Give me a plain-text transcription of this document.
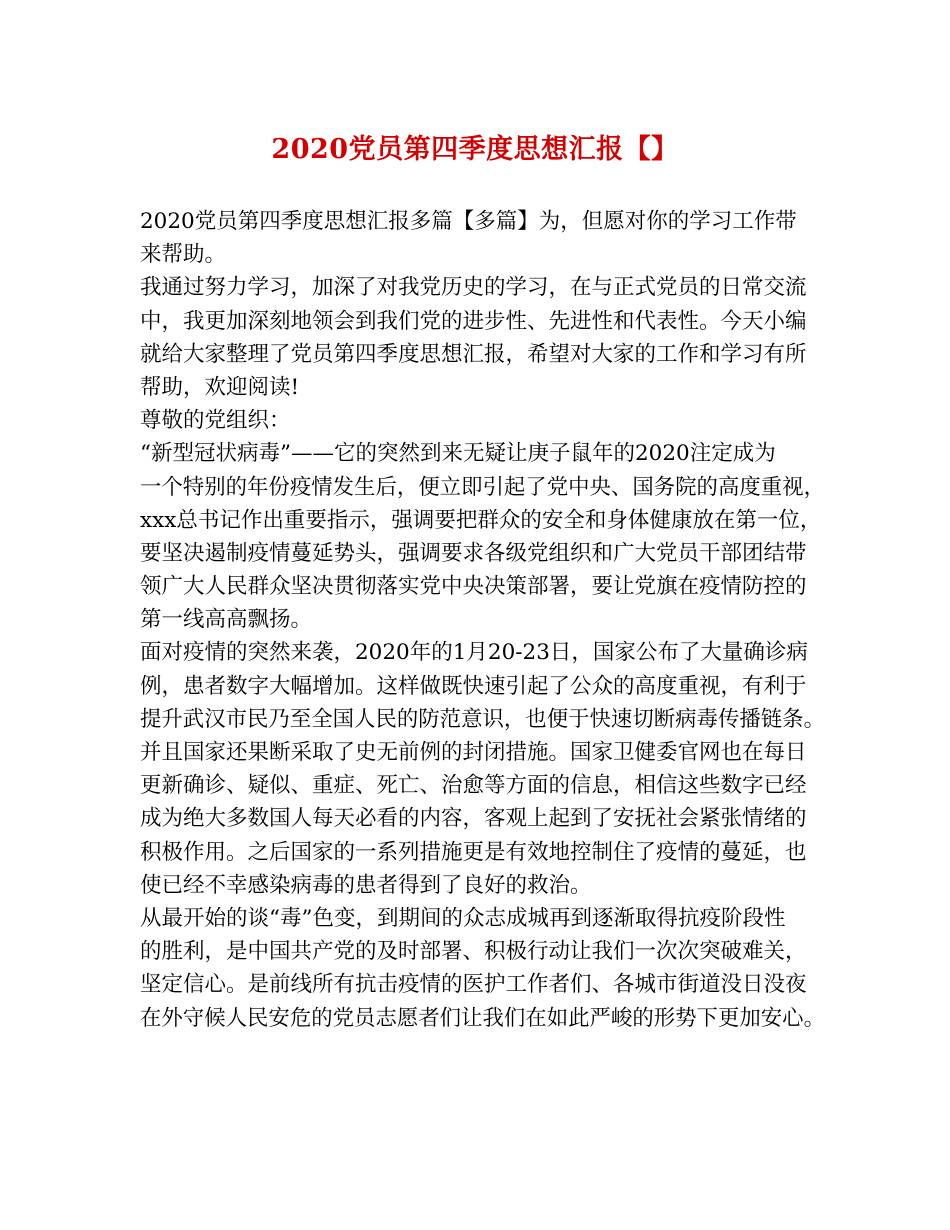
2020党员第四季度思想汇报【】

2020党员第四季度思想汇报多篇【多篇】为，但愿对你的学习工作带
来帮助。

我通过努力学习，加深了对我党历史的学习，在与正式党员的日常交流
中，我更加深刻地领会到我们党的进步性、先进性和代表性。今天小编
就给大家整理了党员第四季度思想汇报，希望对大家的工作和学习有所
帮助，欢迎阅读!

尊敬的党组织：

“新型冠状病毒”——它的突然到来无疑让庚子鼠年的2020注定成为
一个特别的年份疫情发生后，便立即引起了党中央、国务院的高度重视，
xxx总书记作出重要指示，强调要把群众的安全和身体健康放在第一位，
要坚决遏制疫情蔓延势头，强调要求各级党组织和广大党员干部团结带
领广大人民群众坚决贯彻落实党中央决策部署，要让党旗在疫情防控的
第一线高高飘扬。

面对疫情的突然来袭，2020年的1月20-23日，国家公布了大量确诊病
例，患者数字大幅增加。这样做既快速引起了公众的高度重视，有利于
提升武汉市民乃至全国人民的防范意识，也便于快速切断病毒传播链条。
并且国家还果断采取了史无前例的封闭措施。国家卫健委官网也在每日
更新确诊、疑似、重症、死亡、治愈等方面的信息，相信这些数字已经
成为绝大多数国人每天必看的内容，客观上起到了安抚社会紧张情绪的
积极作用。之后国家的一系列措施更是有效地控制住了疫情的蔓延，也
使已经不幸感染病毒的患者得到了良好的救治。

从最开始的谈“毒”色变，到期间的众志成城再到逐渐取得抗疫阶段性
的胜利，是中国共产党的及时部署、积极行动让我们一次次突破难关，
坚定信心。是前线所有抗击疫情的医护工作者们、各城市街道没日没夜
在外守候人民安危的党员志愿者们让我们在如此严峻的形势下更加安心。
